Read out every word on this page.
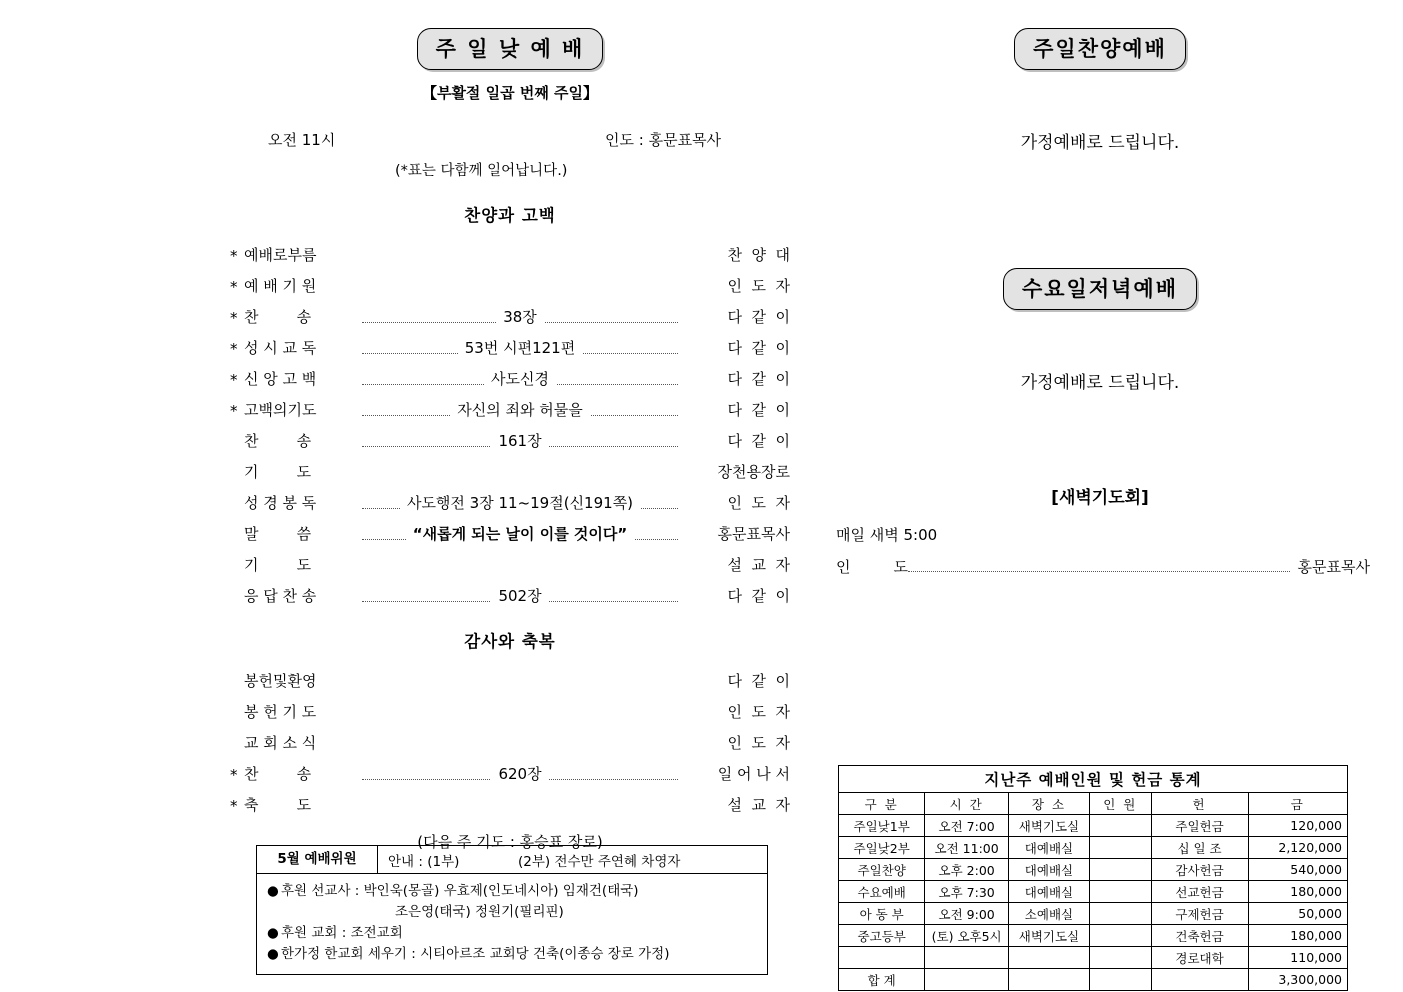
주 일 낮 예 배
【부활절 일곱 번째 주일】
오전 11시	인도 : 홍문표목사
(*표는 다함께 일어납니다.)
찬양과 고백
* 예배로부름	찬  양  대
* 예 배 기 원	인  도  자
* 찬        송	38장	다  같  이
* 성 시 교 독	53번 시편121편	다  같  이
* 신 앙 고 백	사도신경	다  같  이
* 고백의기도	자신의 죄와 허물을	다  같  이
찬        송	161장	다  같  이
기        도	장천용장로
성 경 봉 독	사도행전 3장 11~19절(신191쪽)	인  도  자
말        씀	“새롭게 되는 날이 이를 것이다”	홍문표목사
기        도	설  교  자
응 답 찬 송	502장	다  같  이
감사와 축복
봉헌및환영	다  같  이
봉 헌 기 도	인  도  자
교 회 소 식	인  도  자
* 찬        송	620장	일 어 나 서
* 축        도	설  교  자
(다음 주 기도 : 홍승표 장로)
5월 예배위원	안내 : (1부)	(2부) 전수만 주연혜 차영자
● 후원 선교사 : 박인욱(몽골) 우효제(인도네시아) 임재건(태국)
조은영(태국) 정원기(필리핀)
● 후원 교회 : 조전교회
● 한가정 한교회 세우기 : 시티아르조 교회당 건축(이종승 장로 가정)
주일찬양예배
가정예배로 드립니다.
수요일저녁예배
가정예배로 드립니다.
[새벽기도회]
매일 새벽 5:00
인	도	홍문표목사
지난주 예배인원 및 헌금 통계					
구 분	시 간	장 소	인 원	헌	금
주일낮1부	오전 7:00	새벽기도실		주일헌금	120,000
주일낮2부	오전 11:00	대예배실		십 일 조	2,120,000
주일찬양	오후 2:00	대예배실		감사헌금	540,000
수요예배	오후 7:30	대예배실		선교헌금	180,000
아 동 부	오전 9:00	소예배실		구제헌금	50,000
중고등부	(토) 오후5시	새벽기도실		건축헌금	180,000
				경로대학	110,000
합 계					3,300,000
